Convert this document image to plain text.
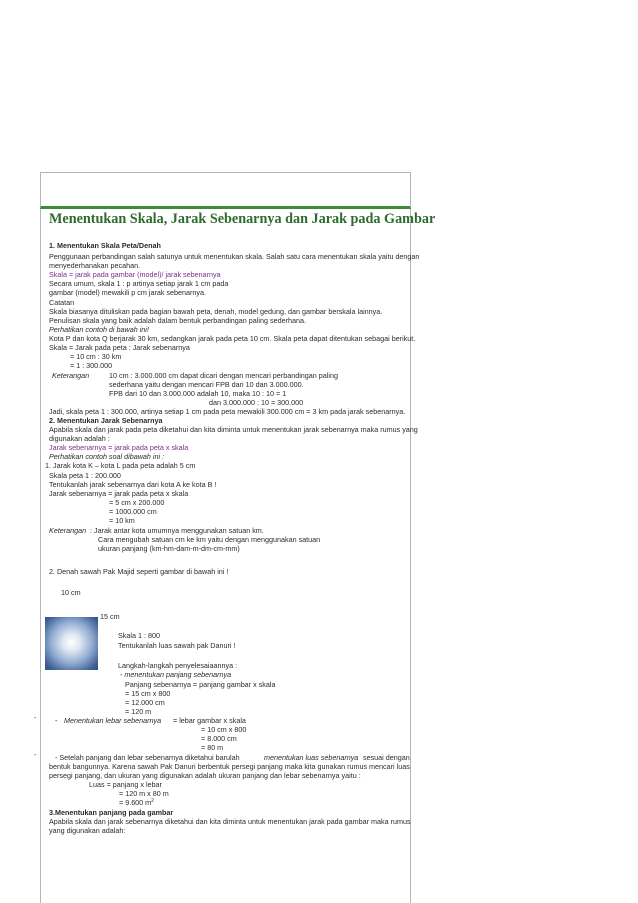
Menentukan Skala, Jarak Sebenarnya dan Jarak pada Gambar
1. Menentukan Skala Peta/Denah
Penggunaan perbandingan salah satunya untuk menentukan skala. Salah satu cara menentukan skala yaitu dengan
menyederhanakan pecahan.
Skala = jarak pada gambar (model)/ jarak sebenarnya
Secara umum, skala 1 : p artinya setiap jarak 1 cm pada
gambar (model) mewakili p cm jarak sebenarnya.
Catatan
Skala biasanya dituliskan pada bagian bawah peta, denah, model gedung, dan gambar berskala lainnya.
Penulisan skala yang baik adalah dalam bentuk perbandingan paling sederhana.
Perhatikan contoh di bawah ini!
Kota P dan kota Q berjarak 30 km, sedangkan jarak pada peta 10 cm. Skala peta dapat ditentukan sebagai berikut.
Skala = Jarak pada peta : Jarak sebenarnya
= 10 cm : 30 km
= 1 : 300.000
Keterangan	10 cm : 3.000.000 cm dapat dicari dengan mencari perbandingan paling
sederhana yaitu dengan mencari FPB dari 10 dan 3.000.000.
FPB dari 10 dan 3.000.000 adalah 10, maka 10 : 10 = 1
dan 3.000.000 : 10 = 300.000
Jadi, skala peta 1 : 300.000, artinya setiap 1 cm pada peta mewakili 300.000 cm = 3 km pada jarak sebenarnya.
2. Menentukan Jarak Sebenarnya
Apabila skala dan jarak pada peta diketahui dan kita diminta untuk menentukan jarak sebenarnya maka rumus yang
digunakan adalah :
Jarak sebenarnya = jarak pada peta x skala
Perhatikan contoh soal dibawah ini :
1. Jarak kota K – kota L pada peta adalah 5 cm
Skala peta 1 : 200.000
Tentukanlah jarak sebenarnya dari kota A ke kota B !
Jarak sebenarnya = jarak pada peta x skala
= 5 cm x 200.000
= 1000.000 cm
= 10 km
Keterangan : Jarak antar kota umumnya menggunakan satuan km.
Cara mengubah satuan cm ke km yaitu dengan menggunakan satuan
ukuran panjang (km-hm-dam-m-dm-cm-mm)
2. Denah sawah Pak Majid seperti gambar di bawah ini !
10 cm
15 cm
Skala 1 : 800
Tentukanlah luas sawah pak Danuri !
Langkah-langkah penyelesaiaannya :
- menentukan panjang sebenarnya
Panjang sebenarnya = panjang gambar x skala
= 15 cm x 800
= 12.000 cm
= 120 m
- Menentukan lebar sebenarnya = lebar gambar x skala
= 10 cm x 800
= 8.000 cm
= 80 m
- Setelah panjang dan lebar sebenarnya diketahui barulah	menentukan luas sebenarnya sesuai dengan
bentuk bangunnya. Karena sawah Pak Danuri berbentuk persegi panjang maka kita gunakan rumus mencari luas
persegi panjang, dan ukuran yang digunakan adalah ukuran panjang dan lebar sebenarnya yaitu :
Luas = panjang x lebar
= 120 m x 80 m
3.Menentukan panjang pada gambar
Apabila skala dan jarak sebenarnya diketahui dan kita diminta untuk menentukan jarak pada gambar maka rumus
yang digunakan adalah:
= 9.600 $m^2$
-
-
